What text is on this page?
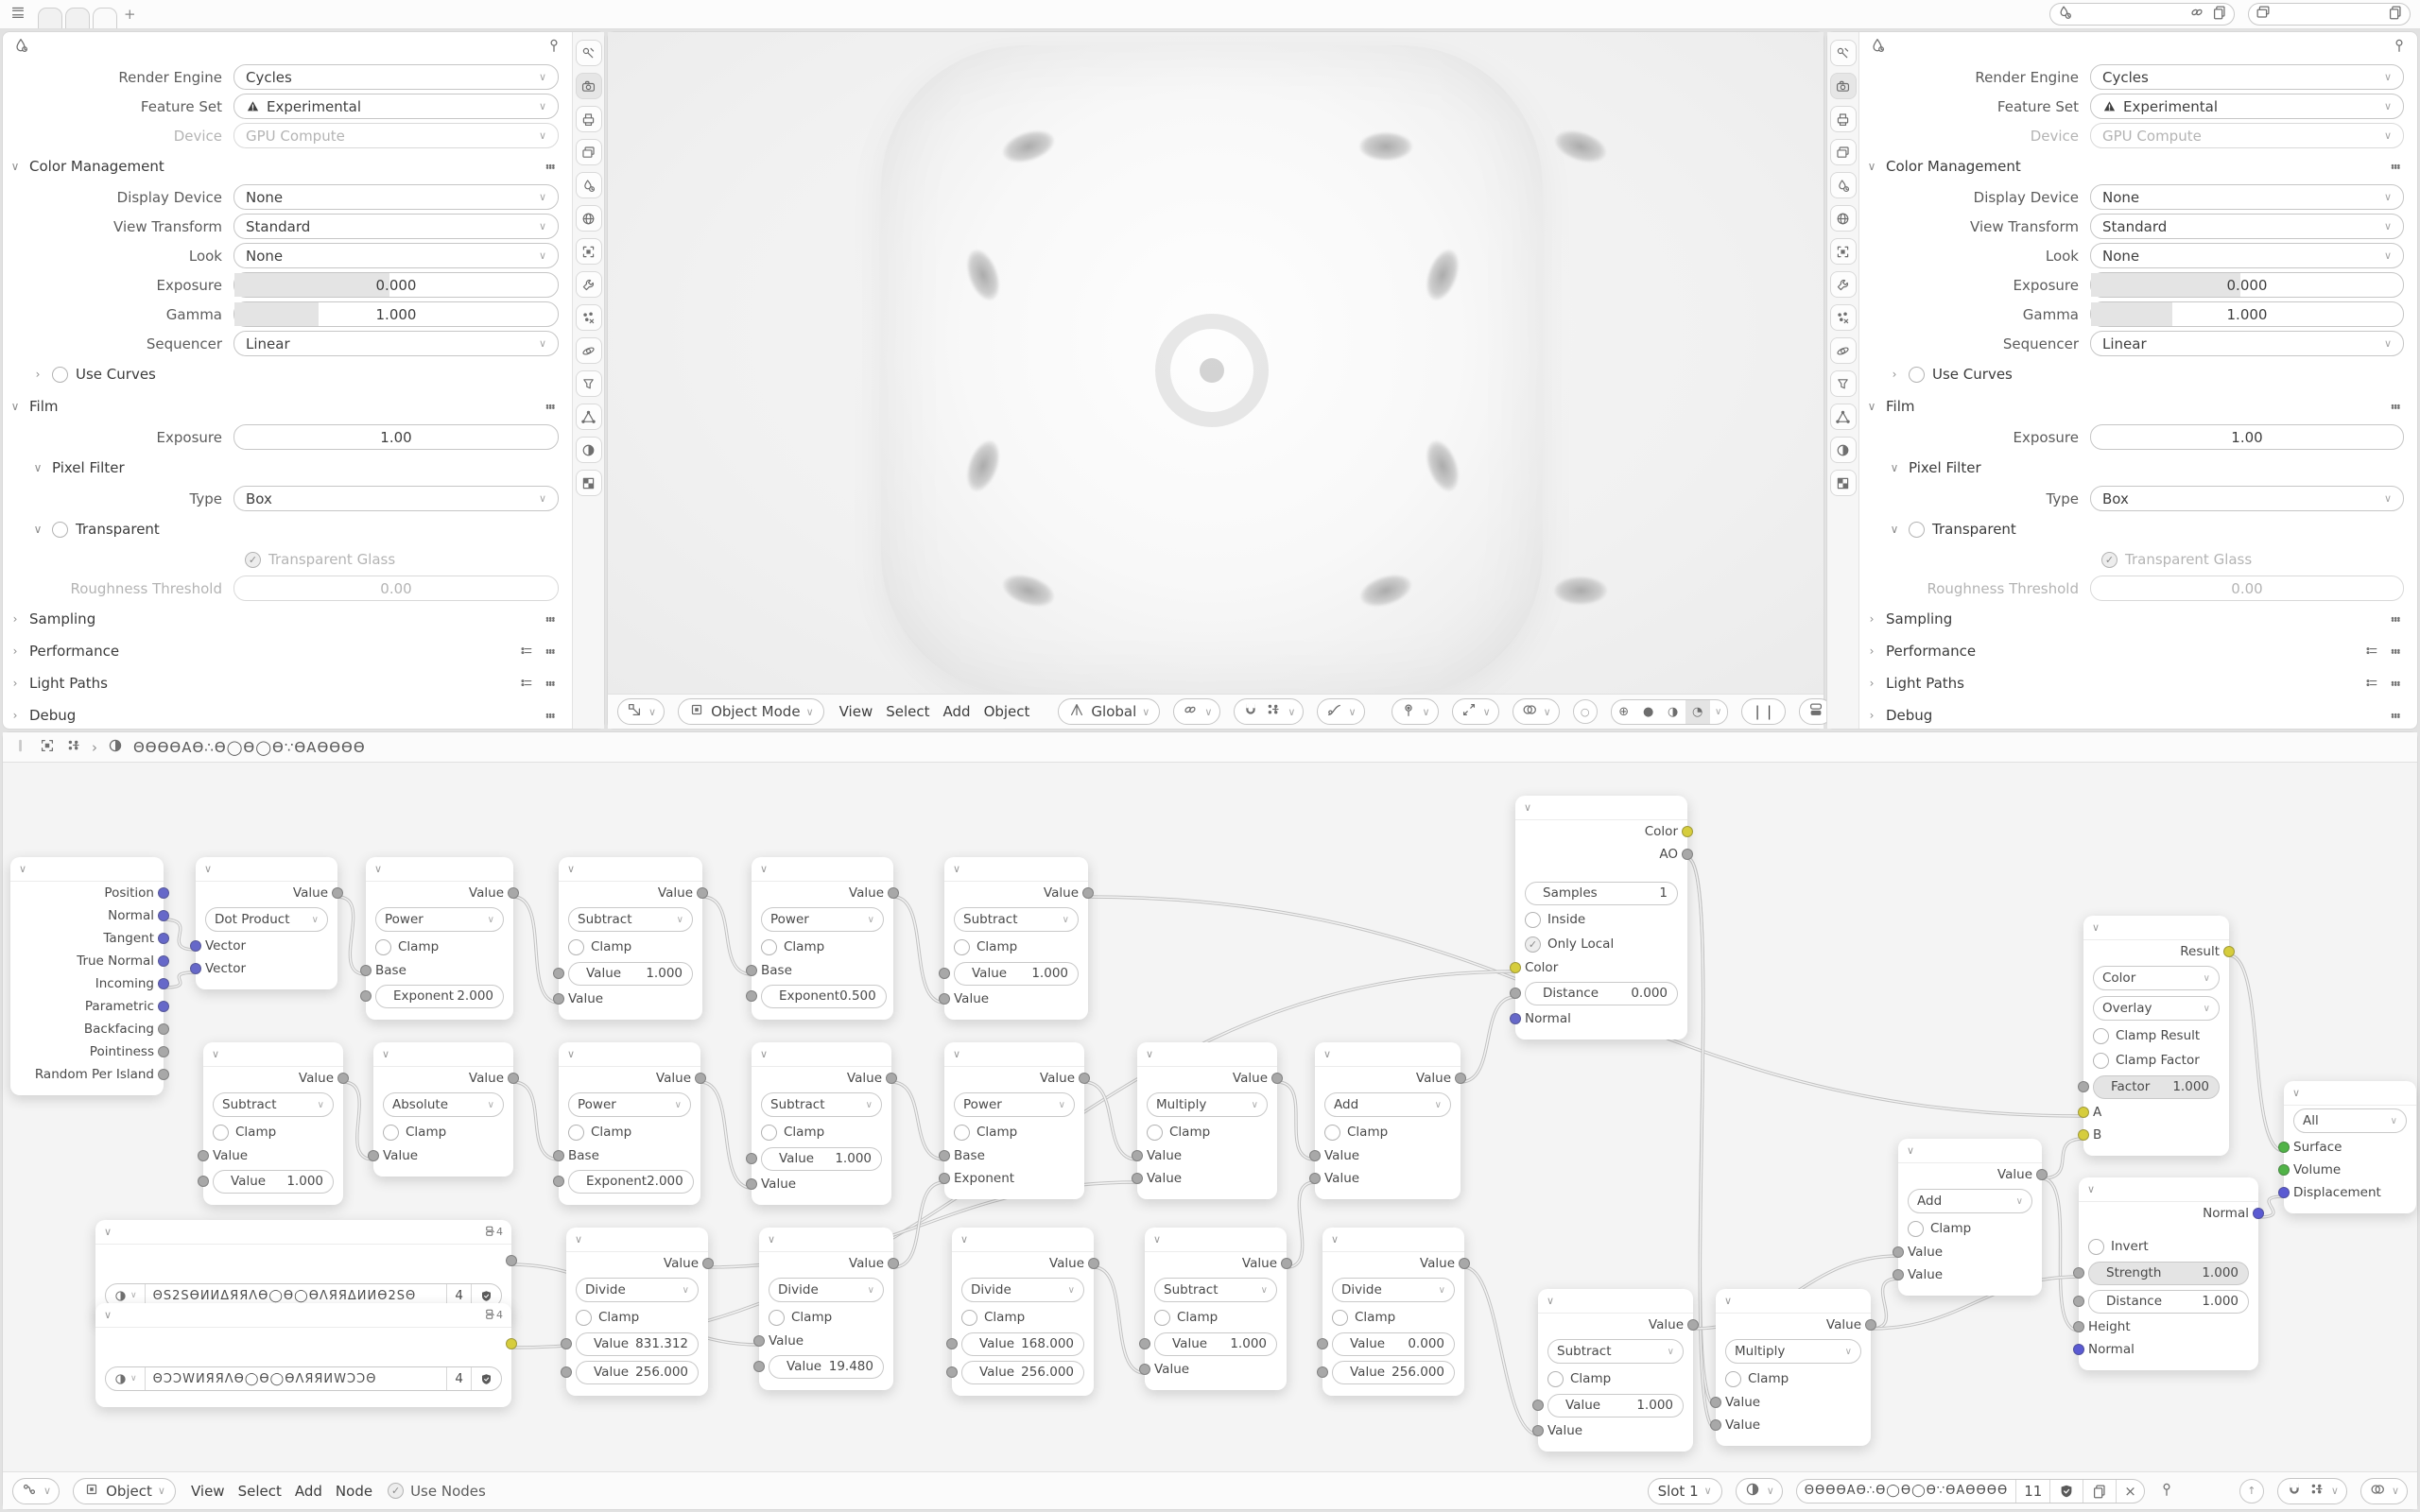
+
Render Engine	Cycles	∨
Feature Set	Experimental	∨
Device	GPU Compute	∨
∨ Color Management
Display Device	None	∨
View Transform	Standard	∨
Look	None	∨
Exposure	0.000
Gamma	1.000
Sequencer	Linear	∨
›	Use Curves
∨ Film
Exposure	1.00
∨ Pixel Filter
Type	Box	∨
∨ Transparent
✓ Transparent Glass
Roughness Threshold	0.00
› Sampling
› Performance
› Light Paths
› Debug	∨	Object Mode ∨ View Select Add Object	Global ∨	∨	∨	∨	∨	∨	∨	○	⊕	●	◑	◔	∨	❘❘
Render Engine	Cycles	∨
Feature Set	Experimental	∨
Device	GPU Compute	∨
∨ Color Management
Display Device	None	∨
View Transform	Standard	∨
Look	None	∨
Exposure	0.000
Gamma	1.000
Sequencer	Linear	∨
›	Use Curves
∨ Film
Exposure	1.00
∨ Pixel Filter
Type	Box	∨
∨ Transparent
✓ Transparent Glass
Roughness Threshold	0.00
› Sampling
› Performance
› Light Paths
› Debug
›	ΘѲѲѲAѲ∴Ѳ◯Ѳ◯Ѳ∵ѲAѲѲѲѲ
∨
Position
Normal
Tangent
True Normal
Incoming
Parametric
Backfacing
Pointiness
Random Per Island
∨
Value
Dot Product ∨
Vector
Vector
∨
Value
Power	∨
Clamp
Base
Exponent 2.000
∨
Value
Subtract	∨
Clamp
Value 1.000
Value
∨
Value
Power	∨
Clamp
Base
Exponent 0.500
∨
Value
Subtract	∨
Clamp
Value 1.000
Value
∨
Color
AO
Samples	1
Inside
✓ Only Local
Color
Distance	0.000
Normal
∨
Value
Subtract	∨
Clamp
Value
Value 1.000
∨
Value
Absolute	∨
Clamp
Value
∨
Value
Power	∨
Clamp
Base
Exponent 2.000
∨
Value
Subtract	∨
Clamp
Value 1.000
Value
∨
Value
Power	∨
Clamp
Base
Exponent
∨
Value
Multiply	∨
Clamp
Value
Value
∨
Value
Add	∨
Clamp
Value
Value
∨	4
∨	ΘЅ2ЅѲИИΔЯЯΛѲ◯Ѳ◯ѲΛЯЯΔИИѲ2ЅΘ	4
∨	4
∨	ΘƆƆWИЯЯΛѲ◯Ѳ◯ѲΛЯЯИWƆƆΘ	4
∨
Value
Divide	∨
Clamp
Value 831.312
Value 256.000
∨
Value
Divide	∨
Clamp
Value
Value 19.480
∨
Value
Divide	∨
Clamp
Value 168.000
Value 256.000
∨
Value
Subtract	∨
Clamp
Value 1.000
Value
∨
Value
Divide	∨
Clamp
Value 0.000
Value 256.000
∨
Value
Subtract	∨
Clamp
Value	1.000
Value
∨
Value
Multiply	∨
Clamp
Value
Value
∨
Value
Add	∨
Clamp
Value
Value
∨
Result
Color	∨
Overlay	∨
Clamp Result
Clamp Factor
Factor 1.000
A
B
∨
Normal
Invert
Strength	1.000
Distance	1.000
Height
Normal
∨
All	∨
Surface
Volume
Displacement
∨	Object ∨ View Select Add Node	✓ Use Nodes	Slot 1 ∨	∨	ΘѲѲѲAѲ∴Ѳ◯Ѳ◯Ѳ∵ѲAѲѲѲѲ	11	×	↑	∨	∨
